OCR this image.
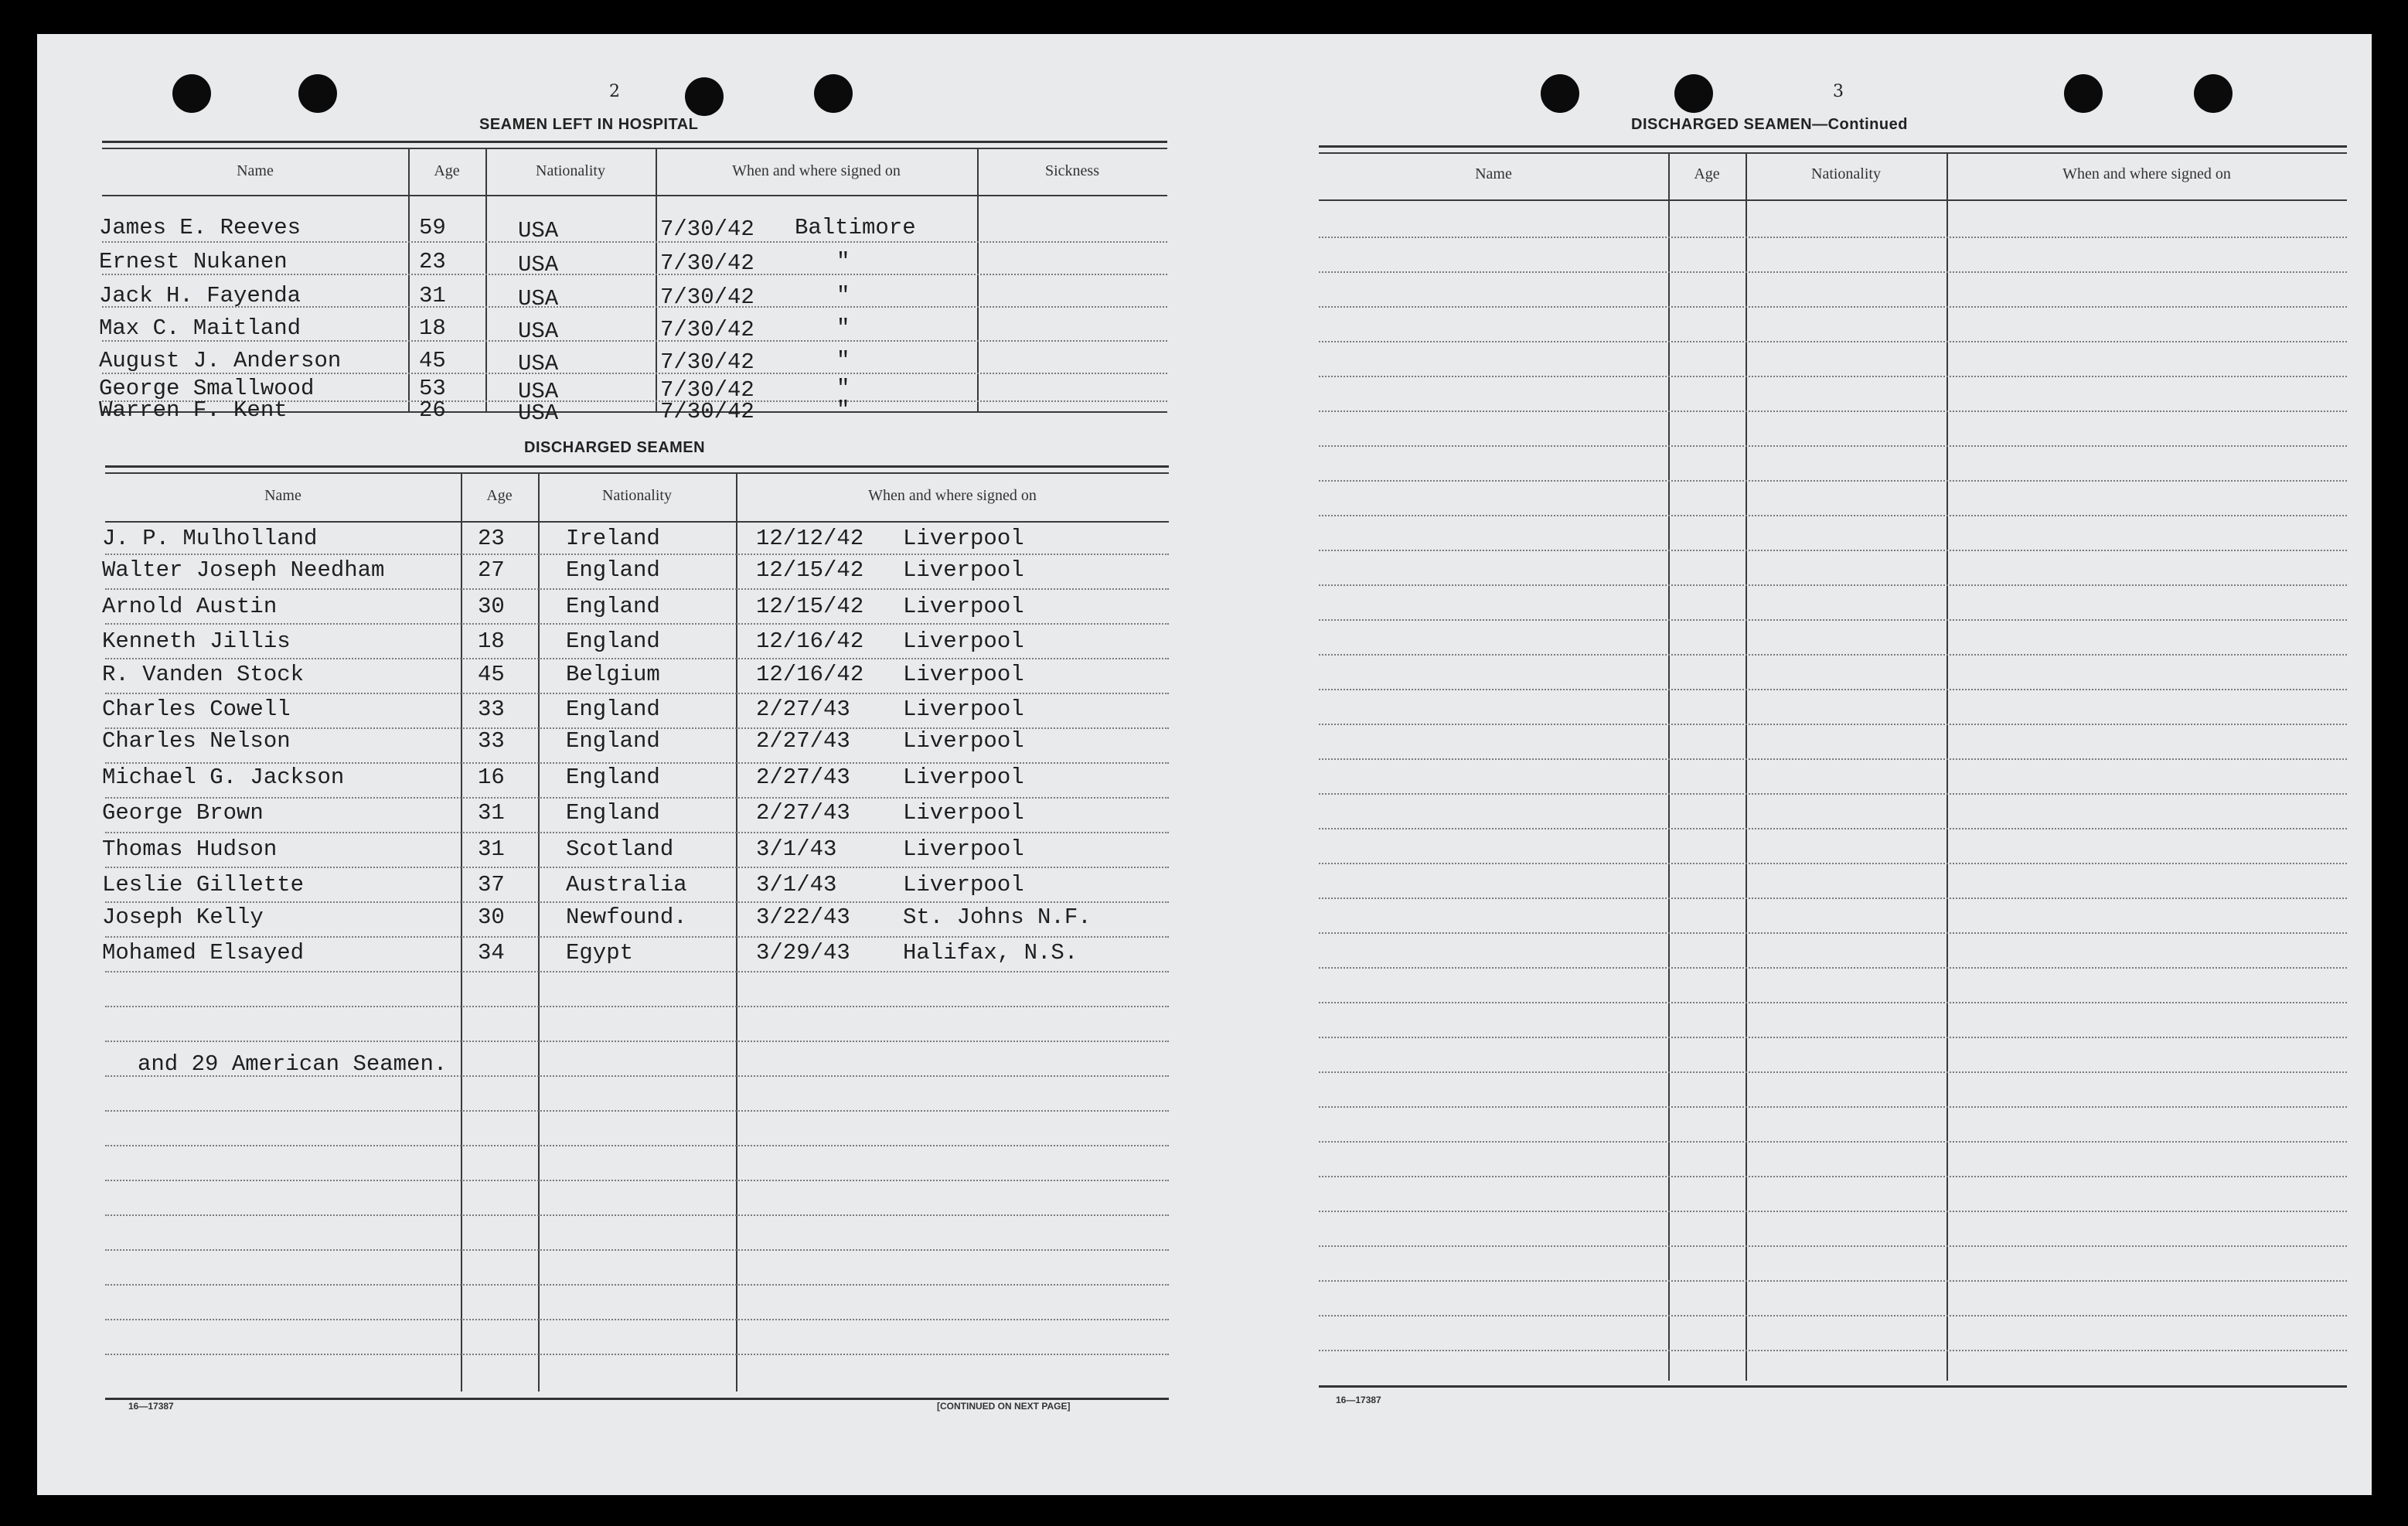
2
SEAMEN LEFT IN HOSPITAL
Name	Age	Nationality	When and where signed on	Sickness
James E. Reeves	59	USA	7/30/42 Baltimore
Ernest Nukanen	23	USA	7/30/42	"
Jack H. Fayenda	31	USA	7/30/42	"
Max C. Maitland	18	USA	7/30/42	"
August J. Anderson	45	USA	7/30/42	"
George Smallwood	53	USA	7/30/42	"
Warren F. Kent	26	USA	7/30/42	"
DISCHARGED SEAMEN
Name	Age	Nationality	When and where signed on
J. P. Mulholland	23	Ireland	12/12/42 Liverpool
Walter Joseph Needham	27	England	12/15/42 Liverpool
Arnold Austin	30	England	12/15/42 Liverpool
Kenneth Jillis	18	England	12/16/42 Liverpool
R. Vanden Stock	45	Belgium	12/16/42 Liverpool
Charles Cowell	33	England	2/27/43 Liverpool
Charles Nelson	33	England	2/27/43 Liverpool
Michael G. Jackson	16	England	2/27/43 Liverpool
George Brown	31	England	2/27/43 Liverpool
Thomas Hudson	31	Scotland	3/1/43	Liverpool
Leslie Gillette	37	Australia	3/1/43	Liverpool
Joseph Kelly	30	Newfound.	3/22/43 St. Johns N.F.
Mohamed Elsayed	34	Egypt	3/29/43 Halifax, N.S.
and 29 American Seamen.
16—17387	[CONTINUED ON NEXT PAGE]
3
DISCHARGED SEAMEN—Continued
Name	Age	Nationality	When and where signed on
16—17387
